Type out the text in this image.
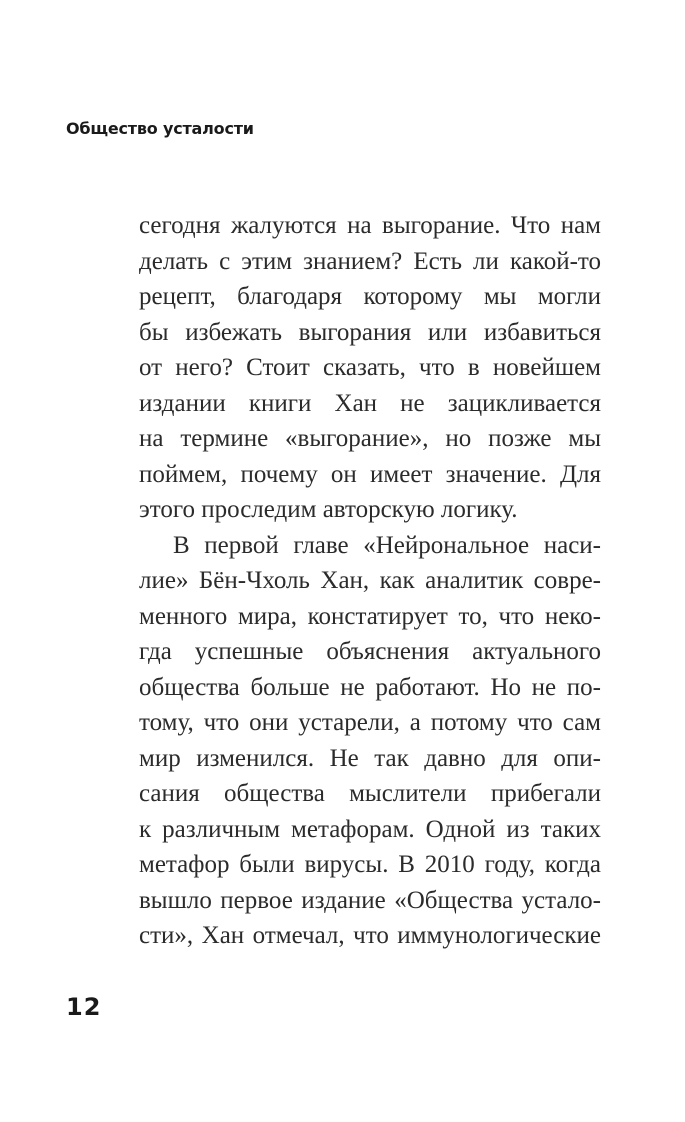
Общество усталости
сегодня жалуются на выгорание. Что нам
делать с этим знанием? Есть ли какой-то
рецепт, благодаря которому мы могли
бы избежать выгорания или избавиться
от него? Стоит сказать, что в новейшем
издании книги Хан не зацикливается
на термине «выгорание», но позже мы
поймем, почему он имеет значение. Для
этого проследим авторскую логику.
В первой главе «Нейрональное наси-
лие» Бён-Чхоль Хан, как аналитик совре-
менного мира, констатирует то, что неко-
гда успешные объяснения актуального
общества больше не работают. Но не по-
тому, что они устарели, а потому что сам
мир изменился. Не так давно для опи-
сания общества мыслители прибегали
к различным метафорам. Одной из таких
метафор были вирусы. В 2010 году, когда
вышло первое издание «Общества устало-
сти», Хан отмечал, что иммунологические
12
